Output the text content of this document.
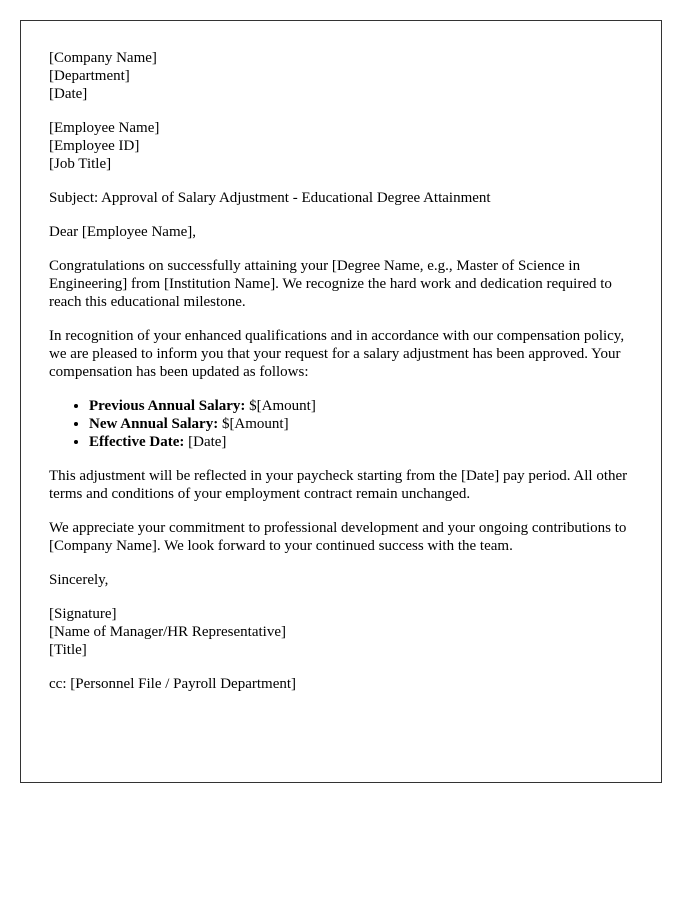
[Company Name]
[Department]
[Date]

[Employee Name]
[Employee ID]
[Job Title]

Subject: Approval of Salary Adjustment - Educational Degree Attainment

Dear [Employee Name],

Congratulations on successfully attaining your [Degree Name, e.g., Master of Science in Engineering] from [Institution Name]. We recognize the hard work and dedication required to reach this educational milestone.

In recognition of your enhanced qualifications and in accordance with our compensation policy, we are pleased to inform you that your request for a salary adjustment has been approved. Your compensation has been updated as follows:

• Previous Annual Salary: $[Amount]
• New Annual Salary: $[Amount]
• Effective Date: [Date]

This adjustment will be reflected in your paycheck starting from the [Date] pay period. All other terms and conditions of your employment contract remain unchanged.

We appreciate your commitment to professional development and your ongoing contributions to [Company Name]. We look forward to your continued success with the team.

Sincerely,

[Signature]
[Name of Manager/HR Representative]
[Title]

cc: [Personnel File / Payroll Department]
